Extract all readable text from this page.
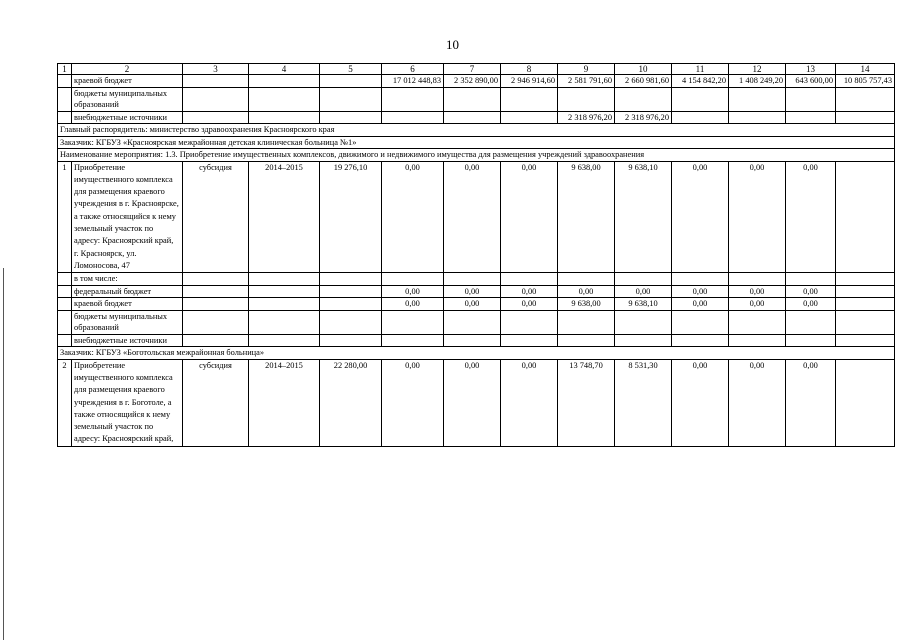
10
1	2	3	4	5	6	7	8	9	10	11	12	13	14
	краевой бюджет				17 012 448,83	2 352 890,00	2 946 914,60	2 581 791,60	2 660 981,60	4 154 842,20	1 408 249,20	643 600,00	10 805 757,43
	бюджеты муниципальных образований												
	внебюджетные источники							2 318 976,20	2 318 976,20				
Главный распорядитель: министерство здравоохранения Красноярского края													
Заказчик: КГБУЗ «Красноярская межрайонная детская клиническая больница №1»													
Наименование мероприятия: 1.3. Приобретение имущественных комплексов, движимого и недвижимого имущества для размещения учреждений здравоохранения													
1	Приобретение имущественного комплекса для размещения краевого учреждения в г. Красноярске, а также относящийся к нему земельный участок по адресу: Красноярский край, г. Красноярск, ул. Ломоносова, 47	субсидия	2014–2015	19 276,10	0,00	0,00	0,00	9 638,00	9 638,10	0,00	0,00	0,00	
	в том числе:												
	федеральный бюджет				0,00	0,00	0,00	0,00	0,00	0,00	0,00	0,00	
	краевой бюджет				0,00	0,00	0,00	9 638,00	9 638,10	0,00	0,00	0,00	
	бюджеты муниципальных образований												
	внебюджетные источники												
Заказчик: КГБУЗ «Боготольская межрайонная больница»													
2	Приобретение имущественного комплекса для размещения краевого учреждения в г. Боготоле, а также относящийся к нему земельный участок по адресу: Красноярский край,	субсидия	2014–2015	22 280,00	0,00	0,00	0,00	13 748,70	8 531,30	0,00	0,00	0,00	
